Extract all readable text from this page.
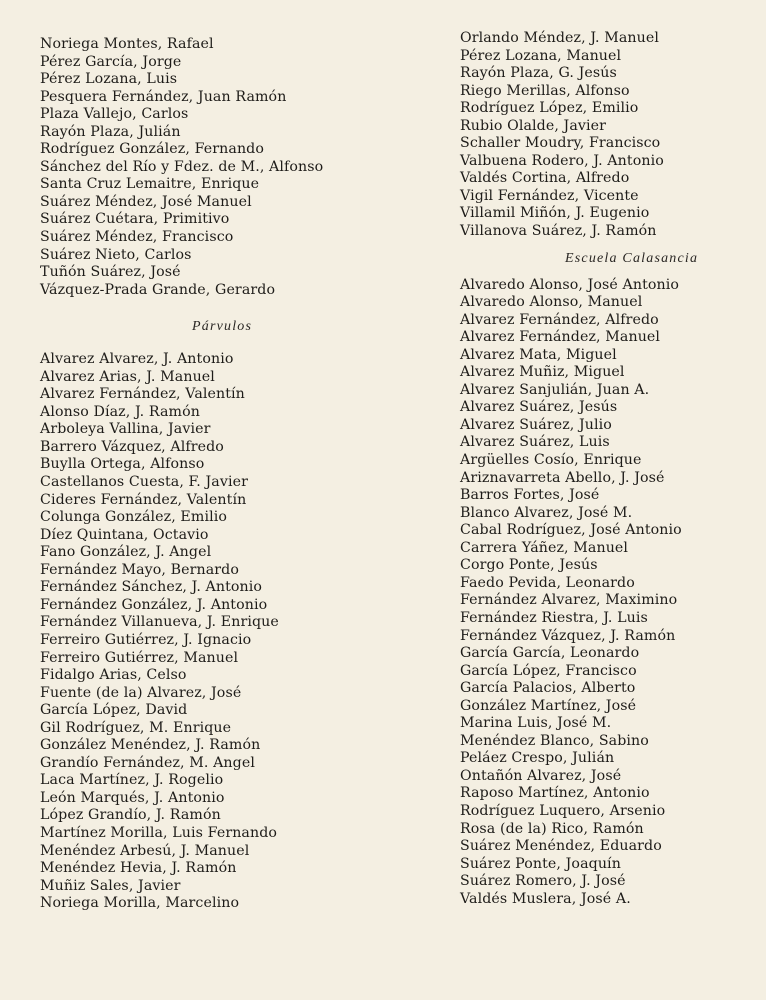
Noriega Montes, Rafael
Pérez García, Jorge
Pérez Lozana, Luis
Pesquera Fernández, Juan Ramón
Plaza Vallejo, Carlos
Rayón Plaza, Julián
Rodríguez González, Fernando
Sánchez del Río y Fdez. de M., Alfonso
Santa Cruz Lemaitre, Enrique
Suárez Méndez, José Manuel
Suárez Cuétara, Primitivo
Suárez Méndez, Francisco
Suárez Nieto, Carlos
Tuñón Suárez, José
Vázquez-Prada Grande, Gerardo
Párvulos
Alvarez Alvarez, J. Antonio
Alvarez Arias, J. Manuel
Alvarez Fernández, Valentín
Alonso Díaz, J. Ramón
Arboleya Vallina, Javier
Barrero Vázquez, Alfredo
Buylla Ortega, Alfonso
Castellanos Cuesta, F. Javier
Cideres Fernández, Valentín
Colunga González, Emilio
Díez Quintana, Octavio
Fano González, J. Angel
Fernández Mayo, Bernardo
Fernández Sánchez, J. Antonio
Fernández González, J. Antonio
Fernández Villanueva, J. Enrique
Ferreiro Gutiérrez, J. Ignacio
Ferreiro Gutiérrez, Manuel
Fidalgo Arias, Celso
Fuente (de la) Alvarez, José
García López, David
Gil Rodríguez, M. Enrique
González Menéndez, J. Ramón
Grandío Fernández, M. Angel
Laca Martínez, J. Rogelio
León Marqués, J. Antonio
López Grandío, J. Ramón
Martínez Morilla, Luis Fernando
Menéndez Arbesú, J. Manuel
Menéndez Hevia, J. Ramón
Muñiz Sales, Javier
Noriega Morilla, Marcelino
Orlando Méndez, J. Manuel
Pérez Lozana, Manuel
Rayón Plaza, G. Jesús
Riego Merillas, Alfonso
Rodríguez López, Emilio
Rubio Olalde, Javier
Schaller Moudry, Francisco
Valbuena Rodero, J. Antonio
Valdés Cortina, Alfredo
Vigil Fernández, Vicente
Villamil Miñón, J. Eugenio
Villanova Suárez, J. Ramón
Escuela Calasancia
Alvaredo Alonso, José Antonio
Alvaredo Alonso, Manuel
Alvarez Fernández, Alfredo
Alvarez Fernández, Manuel
Alvarez Mata, Miguel
Alvarez Muñiz, Miguel
Alvarez Sanjulián, Juan A.
Alvarez Suárez, Jesús
Alvarez Suárez, Julio
Alvarez Suárez, Luis
Argüelles Cosío, Enrique
Ariznavarreta Abello, J. José
Barros Fortes, José
Blanco Alvarez, José M.
Cabal Rodríguez, José Antonio
Carrera Yáñez, Manuel
Corgo Ponte, Jesús
Faedo Pevida, Leonardo
Fernández Alvarez, Maximino
Fernández Riestra, J. Luis
Fernández Vázquez, J. Ramón
García García, Leonardo
García López, Francisco
García Palacios, Alberto
González Martínez, José
Marina Luis, José M.
Menéndez Blanco, Sabino
Peláez Crespo, Julián
Ontañón Alvarez, José
Raposo Martínez, Antonio
Rodríguez Luquero, Arsenio
Rosa (de la) Rico, Ramón
Suárez Menéndez, Eduardo
Suárez Ponte, Joaquín
Suárez Romero, J. José
Valdés Muslera, José A.
